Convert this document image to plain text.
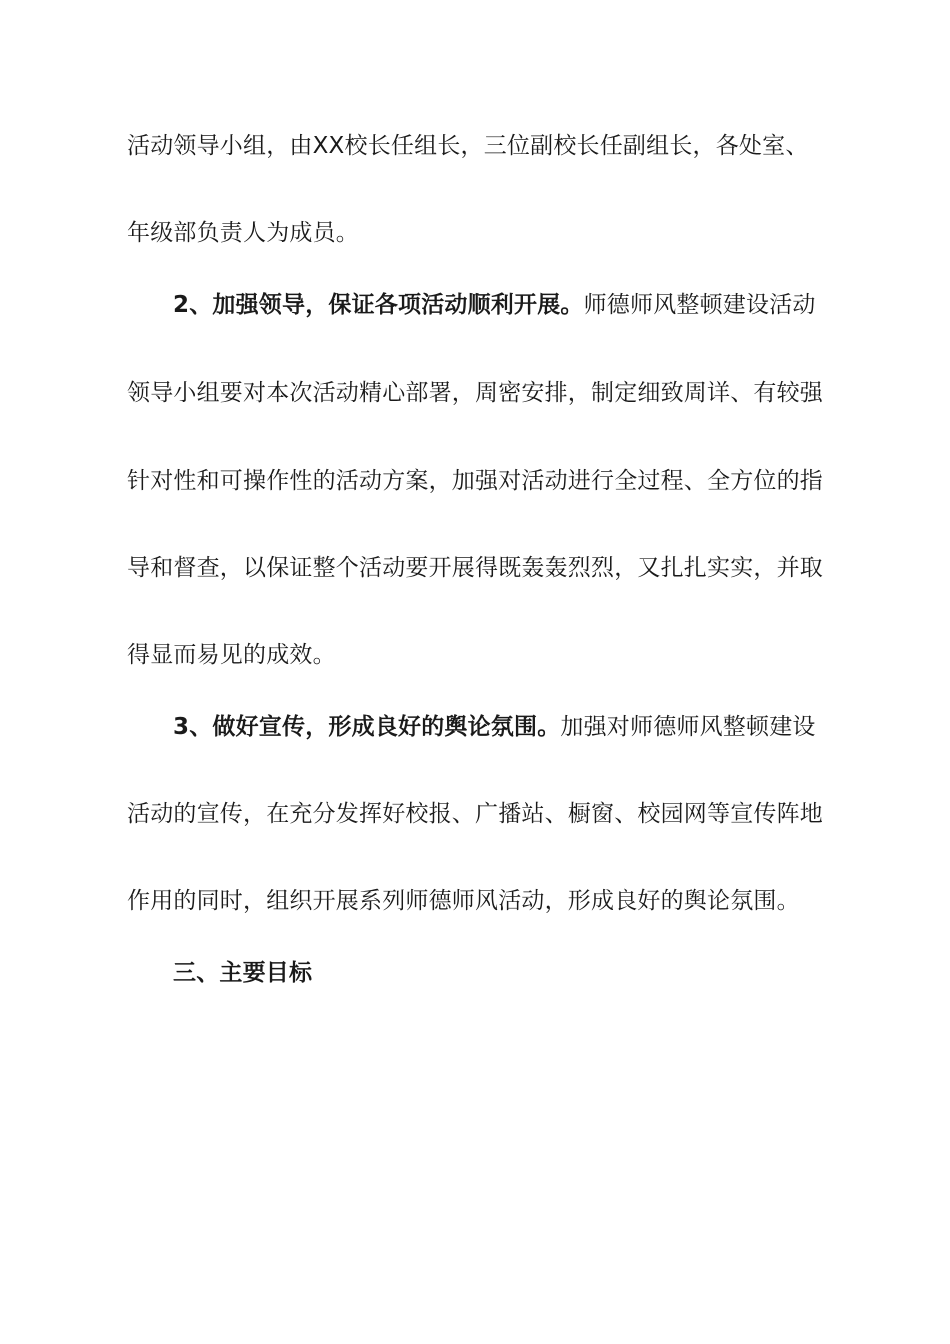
活动领导小组，由XX校长任组长，三位副校长任副组长，各处室、
年级部负责人为成员。
2、加强领导，保证各项活动顺利开展。师德师风整顿建设活动
领导小组要对本次活动精心部署，周密安排，制定细致周详、有较强
针对性和可操作性的活动方案，加强对活动进行全过程、全方位的指
导和督查，以保证整个活动要开展得既轰轰烈烈，又扎扎实实，并取
得显而易见的成效。
3、做好宣传，形成良好的舆论氛围。加强对师德师风整顿建设
活动的宣传，在充分发挥好校报、广播站、橱窗、校园网等宣传阵地
作用的同时，组织开展系列师德师风活动，形成良好的舆论氛围。
三、主要目标
